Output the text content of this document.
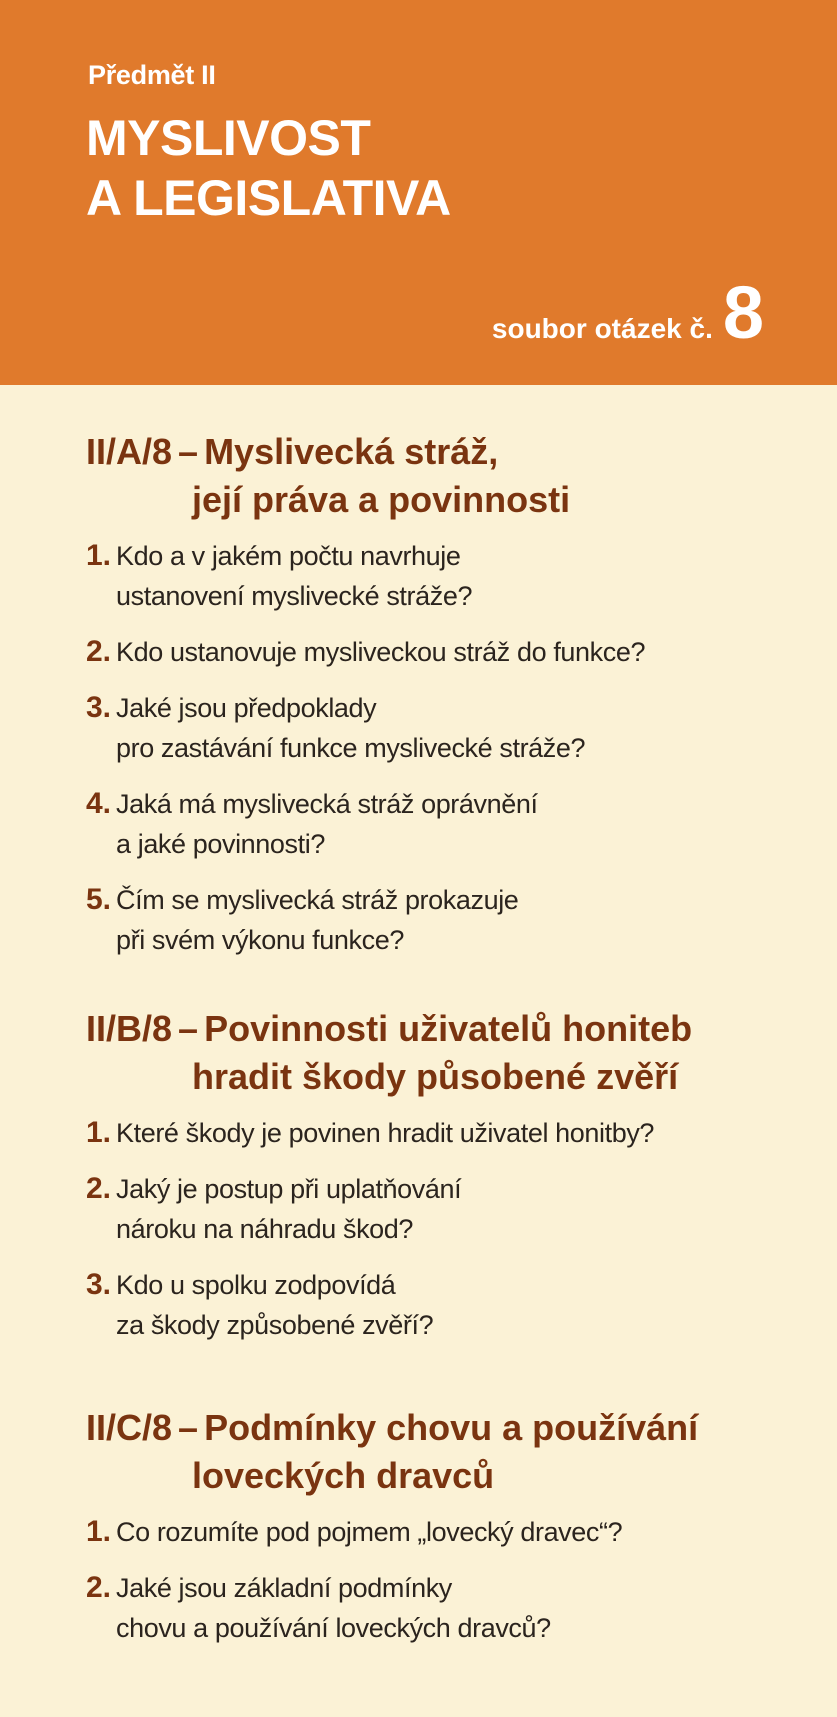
Předmět II
MYSLIVOST
A LEGISLATIVA
soubor otázek č. 8
II/A/8 – Myslivecká stráž,
její práva a povinnosti
1. Kdo a v jakém počtu navrhuje
ustanovení myslivecké stráže?
2. Kdo ustanovuje mysliveckou stráž do funkce?
3. Jaké jsou předpoklady
pro zastávání funkce myslivecké stráže?
4. Jaká má myslivecká stráž oprávnění
a jaké povinnosti?
5. Čím se myslivecká stráž prokazuje
při svém výkonu funkce?
II/B/8 – Povinnosti uživatelů honiteb
hradit škody působené zvěří
1. Které škody je povinen hradit uživatel honitby?
2. Jaký je postup při uplatňování
nároku na náhradu škod?
3. Kdo u spolku zodpovídá
za škody způsobené zvěří?
II/C/8 – Podmínky chovu a používání
loveckých dravců
1. Co rozumíte pod pojmem „lovecký dravec“?
2. Jaké jsou základní podmínky
chovu a používání loveckých dravců?
